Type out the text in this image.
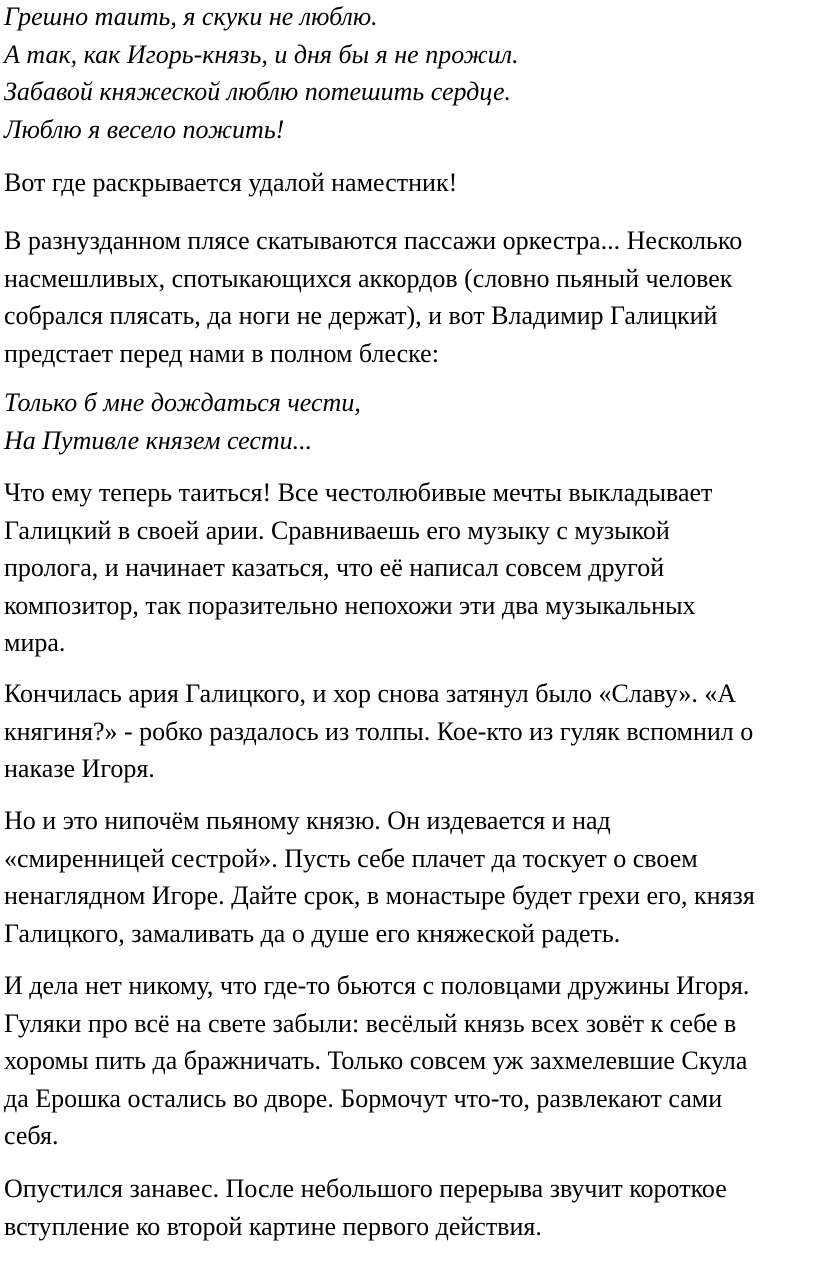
Грешно таить, я скуки не люблю.
А так, как Игорь-князь, и дня бы я не прожил.
Забавой княжеской люблю потешить сердце.
Люблю я весело пожить!
Вот где раскрывается удалой наместник!
В разнузданном плясе скатываются пассажи оркестра... Несколько
насмешливых, спотыкающихся аккордов (словно пьяный человек
собрался плясать, да ноги не держат), и вот Владимир Галицкий
предстает перед нами в полном блеске:
Только б мне дождаться чести,
На Путивле князем сести...
Что ему теперь таиться! Все честолюбивые мечты выкладывает
Галицкий в своей арии. Сравниваешь его музыку с музыкой
пролога, и начинает казаться, что её написал совсем другой
композитор, так поразительно непохожи эти два музыкальных
мира.
Кончилась ария Галицкого, и хор снова затянул было «Славу». «А
княгиня?» - робко раздалось из толпы. Кое-кто из гуляк вспомнил о
наказе Игоря.
Но и это нипочём пьяному князю. Он издевается и над
«смиренницей сестрой». Пусть себе плачет да тоскует о своем
ненаглядном Игоре. Дайте срок, в монастыре будет грехи его, князя
Галицкого, замаливать да о душе его княжеской радеть.
И дела нет никому, что где-то бьются с половцами дружины Игоря.
Гуляки про всё на свете забыли: весёлый князь всех зовёт к себе в
хоромы пить да бражничать. Только совсем уж захмелевшие Скула
да Ерошка остались во дворе. Бормочут что-то, развлекают сами
себя.
Опустился занавес. После небольшого перерыва звучит короткое
вступление ко второй картине первого действия.
